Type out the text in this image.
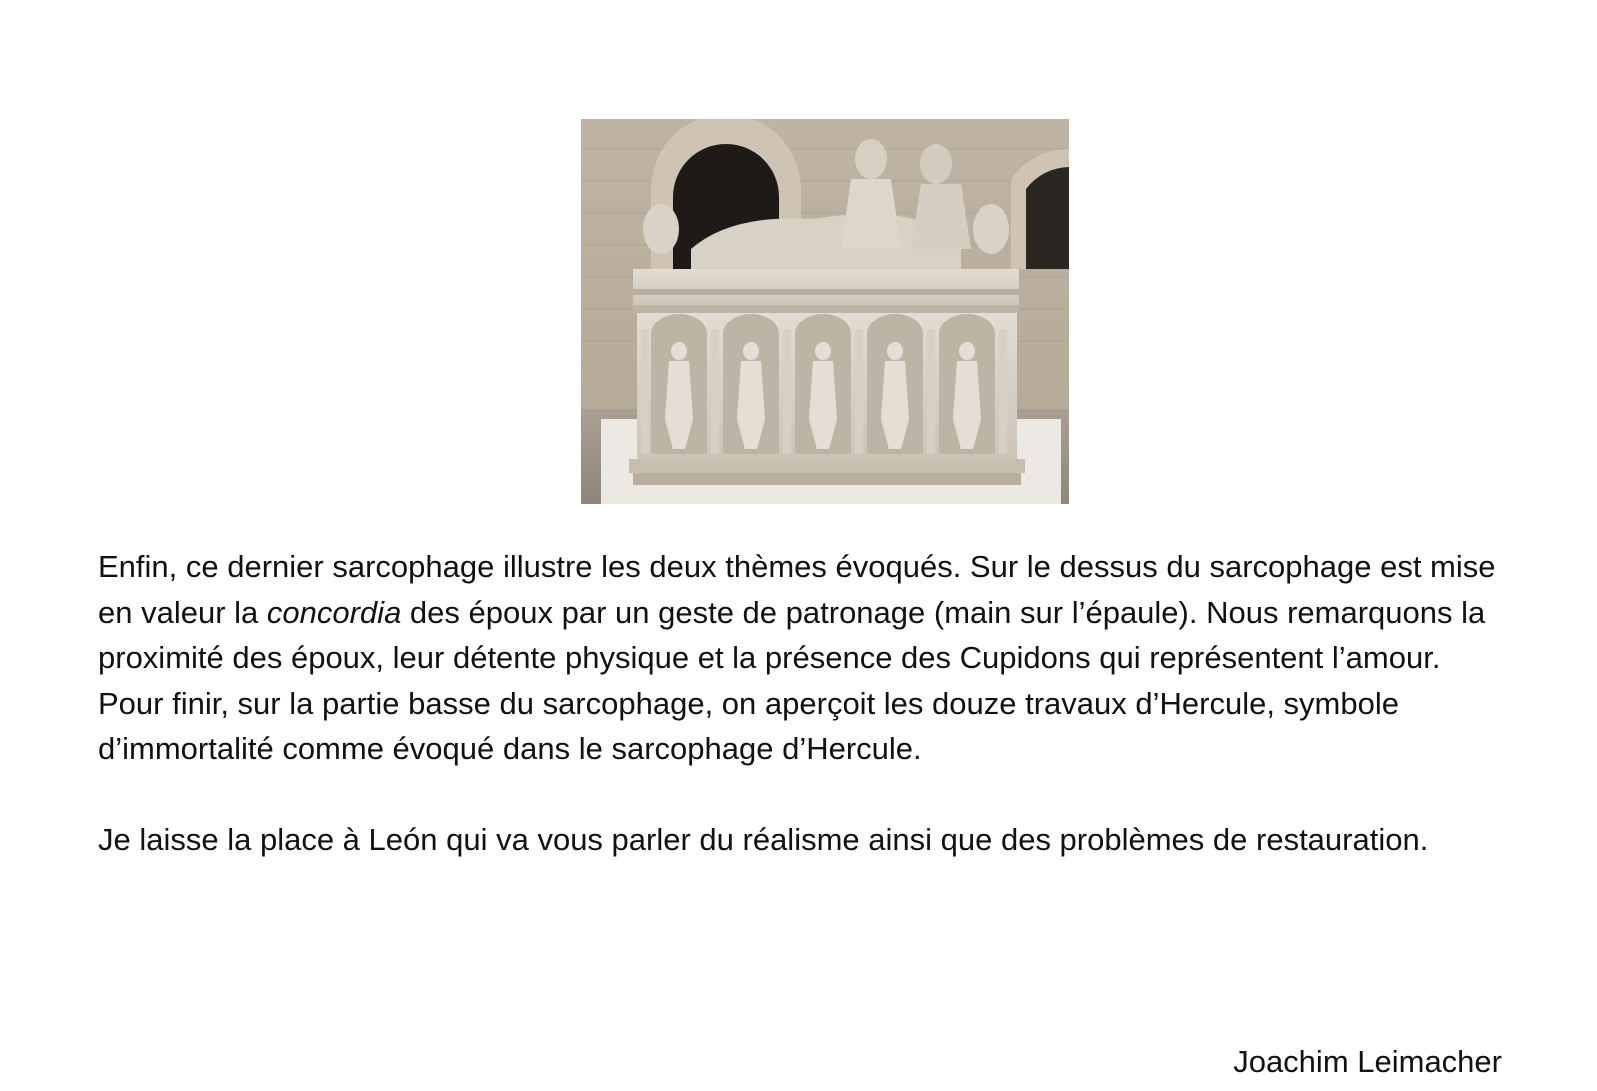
Enfin, ce dernier sarcophage illustre les deux thèmes évoqués. Sur le dessus du sarcophage est mise en valeur la concordia des époux par un geste de patronage (main sur l’épaule). Nous remarquons la proximité des époux, leur détente physique et la présence des Cupidons qui représentent l’amour. Pour finir, sur la partie basse du sarcophage, on aperçoit les douze travaux d’Hercule, symbole d’immortalité comme évoqué dans le sarcophage d’Hercule.

Je laisse la place à León qui va vous parler du réalisme ainsi que des problèmes de restauration.

Joachim Leimacher
